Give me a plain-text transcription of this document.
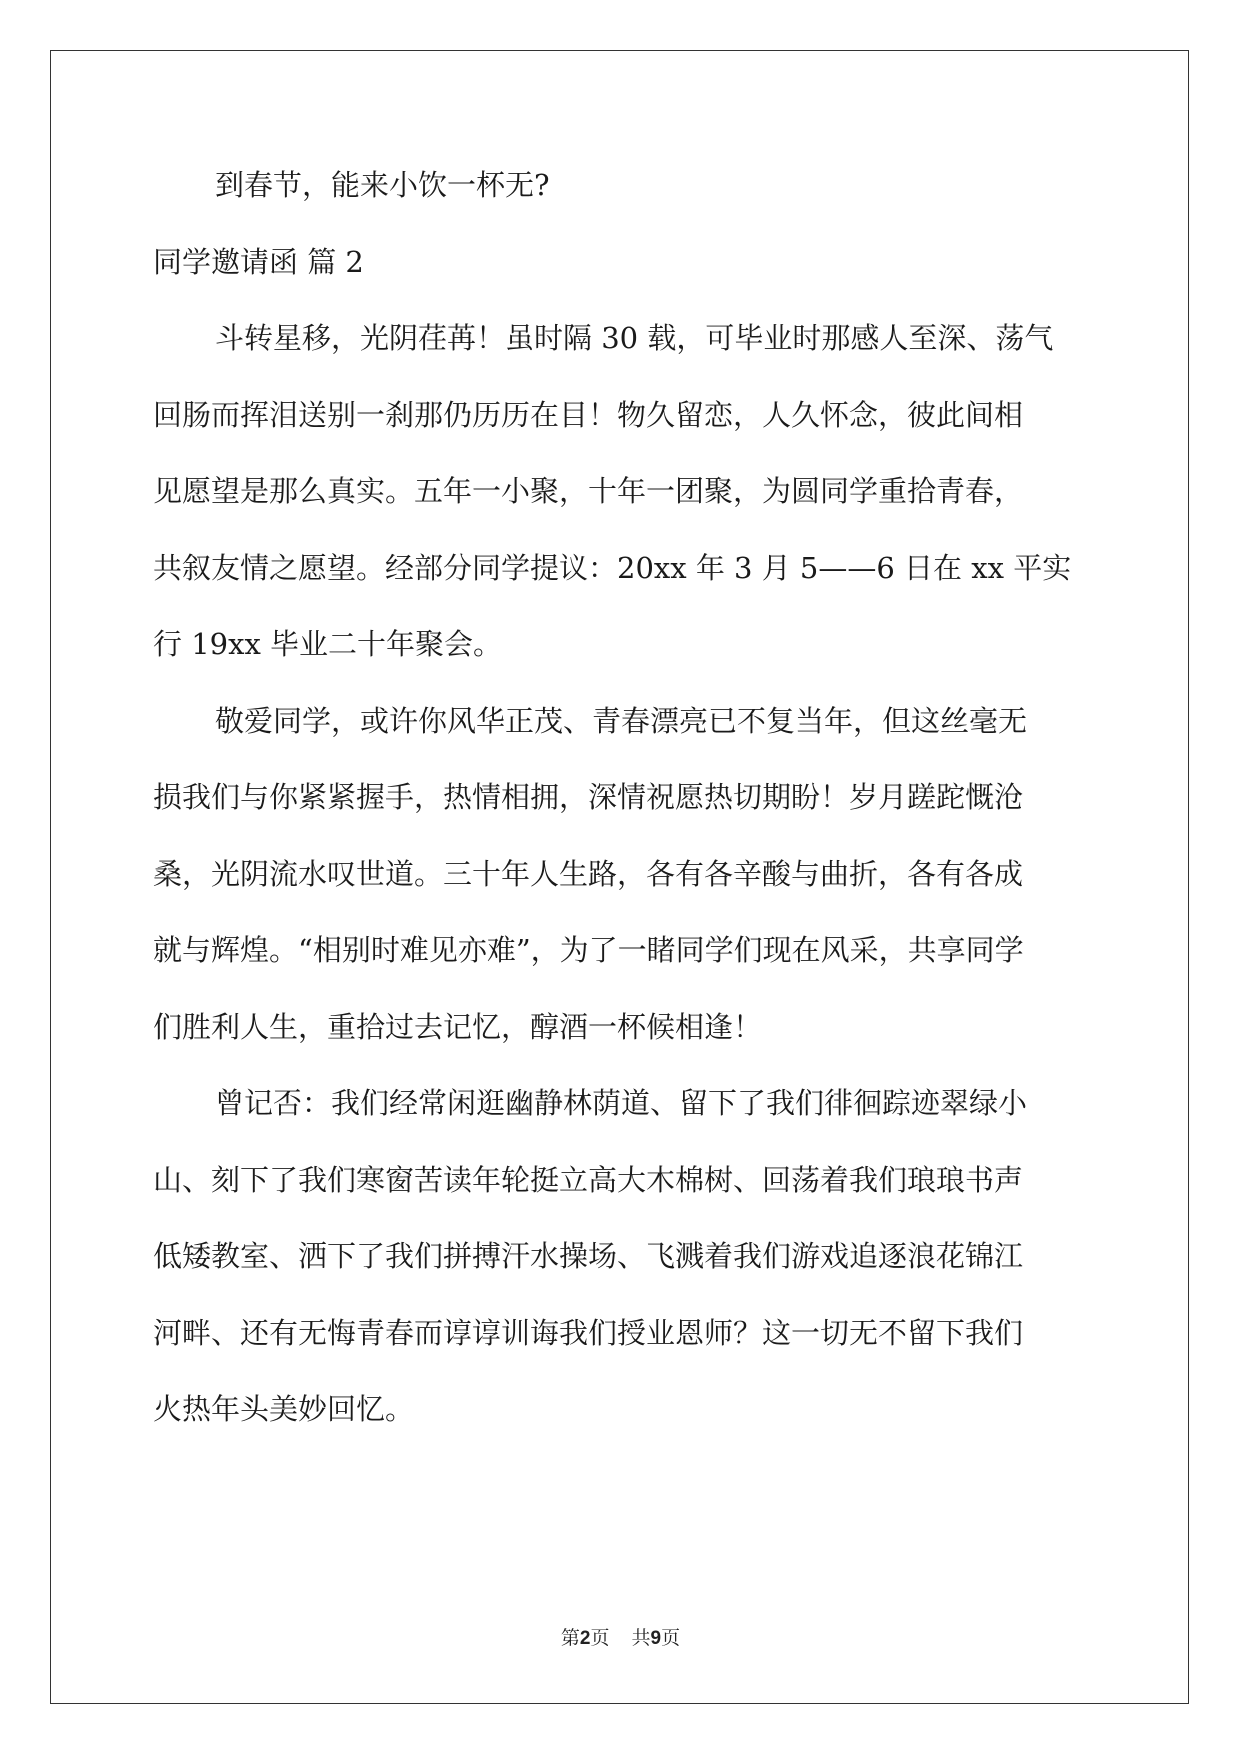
到春节，能来小饮一杯无?
同学邀请函 篇 2
斗转星移，光阴荏苒！虽时隔 30 载，可毕业时那感人至深、荡气
回肠而挥泪送别一刹那仍历历在目！物久留恋，人久怀念，彼此间相
见愿望是那么真实。五年一小聚，十年一团聚，为圆同学重拾青春，
共叙友情之愿望。经部分同学提议：20xx 年 3 月 5——6 日在 xx 平实
行 19xx 毕业二十年聚会。
敬爱同学，或许你风华正茂、青春漂亮已不复当年，但这丝毫无
损我们与你紧紧握手，热情相拥，深情祝愿热切期盼！岁月蹉跎慨沧
桑，光阴流水叹世道。三十年人生路，各有各辛酸与曲折，各有各成
就与辉煌。“相别时难见亦难”，为了一睹同学们现在风采，共享同学
们胜利人生，重拾过去记忆，醇酒一杯候相逢！
曾记否：我们经常闲逛幽静林荫道、留下了我们徘徊踪迹翠绿小
山、刻下了我们寒窗苦读年轮挺立高大木棉树、回荡着我们琅琅书声
低矮教室、洒下了我们拼搏汗水操场、飞溅着我们游戏追逐浪花锦江
河畔、还有无悔青春而谆谆训诲我们授业恩师？这一切无不留下我们
火热年头美妙回忆。
第2页 共9页
